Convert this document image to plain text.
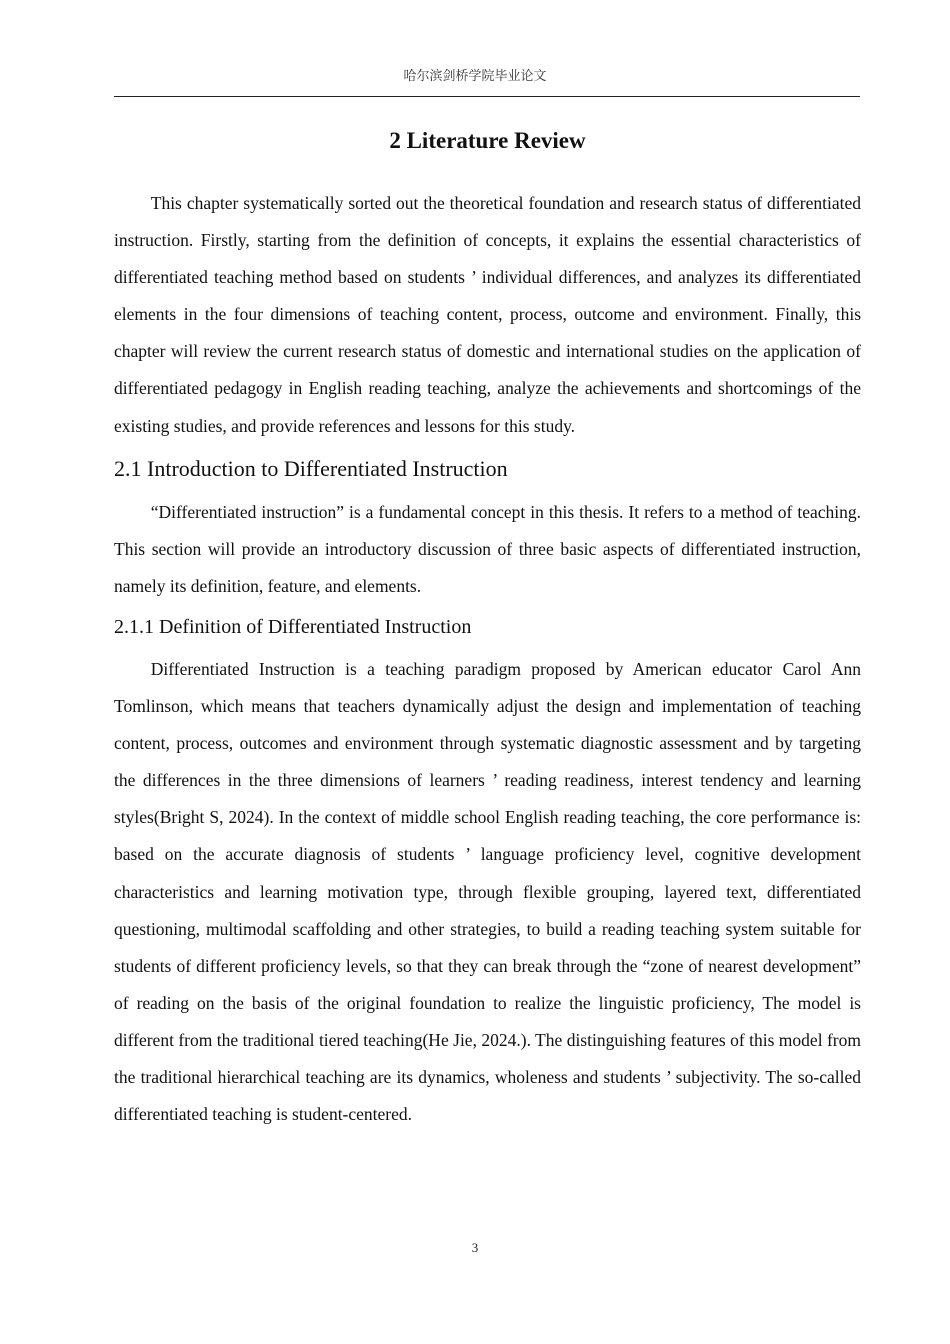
哈尔滨剑桥学院毕业论文
2 Literature Review

This chapter systematically sorted out the theoretical foundation and research status of differentiated instruction. Firstly, starting from the definition of concepts, it explains the essential characteristics of differentiated teaching method based on students ’ individual differences, and analyzes its differentiated elements in the four dimensions of teaching content, process, outcome and environment. Finally, this chapter will review the current research status of domestic and international studies on the application of differentiated pedagogy in English reading teaching, analyze the achievements and shortcomings of the existing studies, and provide references and lessons for this study.

2.1 Introduction to Differentiated Instruction

“Differentiated instruction” is a fundamental concept in this thesis. It refers to a method of teaching. This section will provide an introductory discussion of three basic aspects of differentiated instruction, namely its definition, feature, and elements.

2.1.1 Definition of Differentiated Instruction

Differentiated Instruction is a teaching paradigm proposed by American educator Carol Ann Tomlinson, which means that teachers dynamically adjust the design and implementation of teaching content, process, outcomes and environment through systematic diagnostic assessment and by targeting the differences in the three dimensions of learners ’ reading readiness, interest tendency and learning styles(Bright S, 2024). In the context of middle school English reading teaching, the core performance is: based on the accurate diagnosis of students ’ language proficiency level, cognitive development characteristics and learning motivation type, through flexible grouping, layered text, differentiated questioning, multimodal scaffolding and other strategies, to build a reading teaching system suitable for students of different proficiency levels, so that they can break through the “zone of nearest development” of reading on the basis of the original foundation to realize the linguistic proficiency, The model is different from the traditional tiered teaching(He Jie, 2024.). The distinguishing features of this model from the traditional hierarchical teaching are its dynamics, wholeness and students ’ subjectivity. The so-called differentiated teaching is student-centered.

3
